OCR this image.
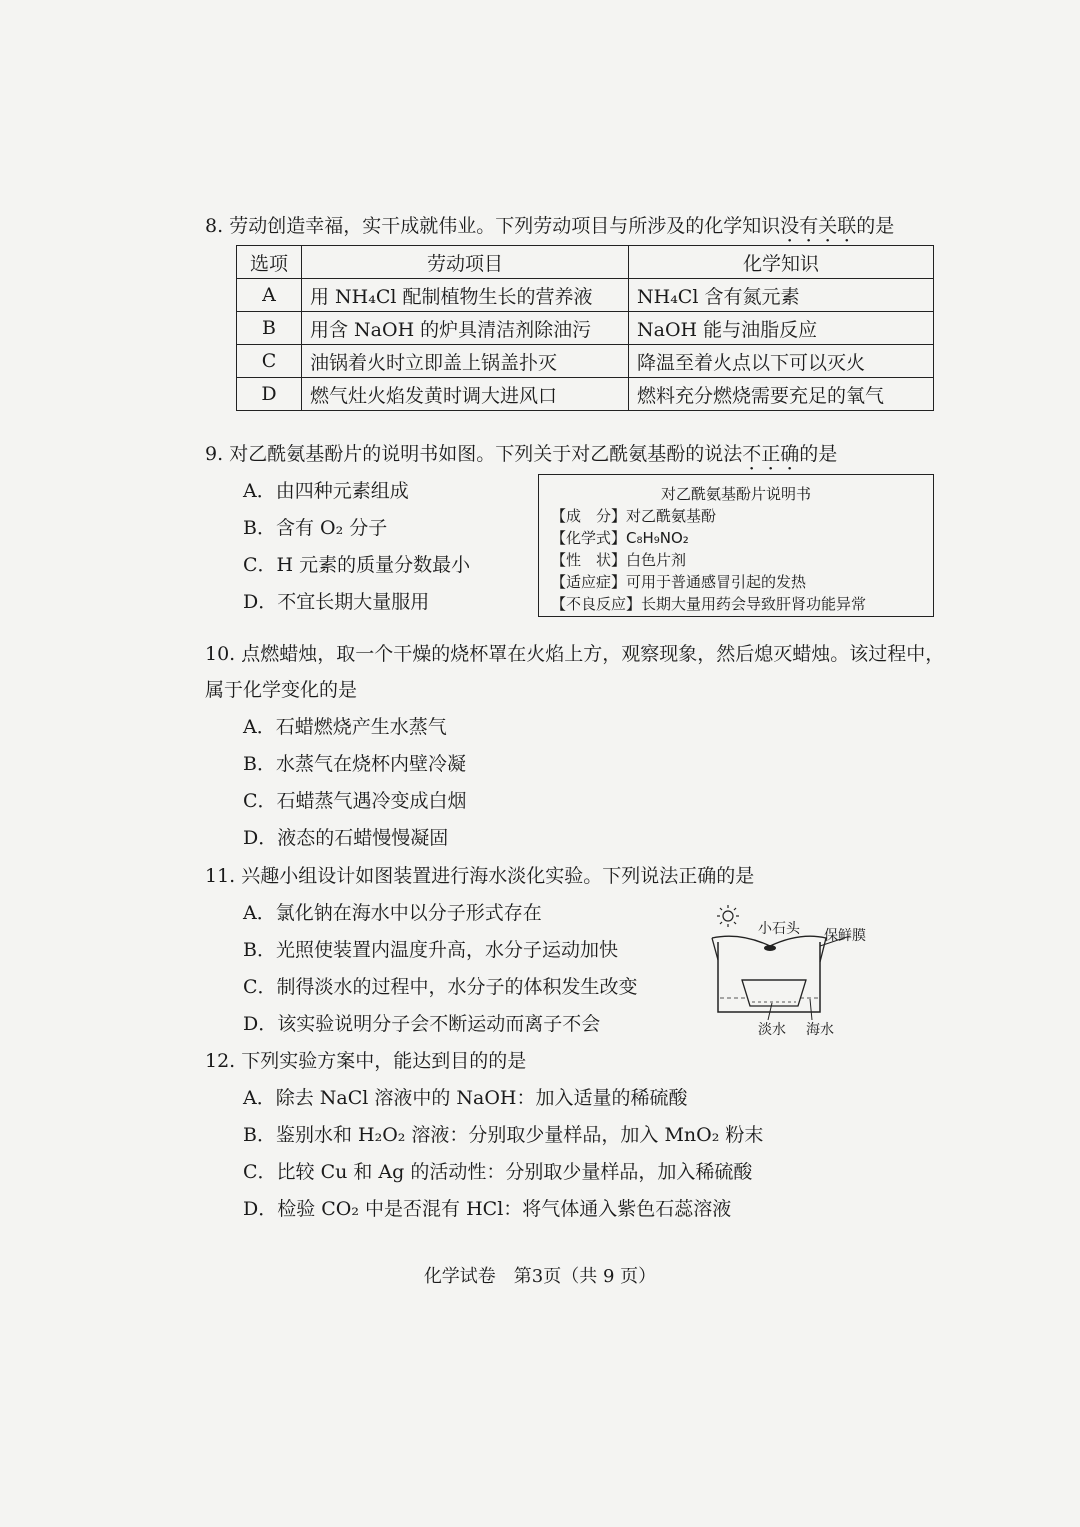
8. 劳动创造幸福，实干成就伟业。下列劳动项目与所涉及的化学知识没有关联的是
选项	劳动项目	化学知识
A	用 NH₄Cl 配制植物生长的营养液	NH₄Cl 含有氮元素
B	用含 NaOH 的炉具清洁剂除油污	NaOH 能与油脂反应
C	油锅着火时立即盖上锅盖扑灭	降温至着火点以下可以灭火
D	燃气灶火焰发黄时调大进风口	燃料充分燃烧需要充足的氧气
9. 对乙酰氨基酚片的说明书如图。下列关于对乙酰氨基酚的说法不正确的是
A．由四种元素组成
B．含有 O₂ 分子
C．H 元素的质量分数最小
D．不宜长期大量服用
对乙酰氨基酚片说明书
【成　分】对乙酰氨基酚
【化学式】C₈H₉NO₂
【性　状】白色片剂
【适应症】可用于普通感冒引起的发热
【不良反应】长期大量用药会导致肝肾功能异常
10. 点燃蜡烛，取一个干燥的烧杯罩在火焰上方，观察现象，然后熄灭蜡烛。该过程中，
属于化学变化的是
A．石蜡燃烧产生水蒸气
B．水蒸气在烧杯内壁冷凝
C．石蜡蒸气遇冷变成白烟
D．液态的石蜡慢慢凝固
11. 兴趣小组设计如图装置进行海水淡化实验。下列说法正确的是
A．氯化钠在海水中以分子形式存在
B．光照使装置内温度升高，水分子运动加快
C．制得淡水的过程中，水分子的体积发生改变
D．该实验说明分子会不断运动而离子不会
小石头 保鲜膜
淡水 海水
12. 下列实验方案中，能达到目的的是
A．除去 NaCl 溶液中的 NaOH：加入适量的稀硫酸
B．鉴别水和 H₂O₂ 溶液：分别取少量样品，加入 MnO₂ 粉末
C．比较 Cu 和 Ag 的活动性：分别取少量样品，加入稀硫酸
D．检验 CO₂ 中是否混有 HCl：将气体通入紫色石蕊溶液
化学试卷　第3页（共 9 页）
